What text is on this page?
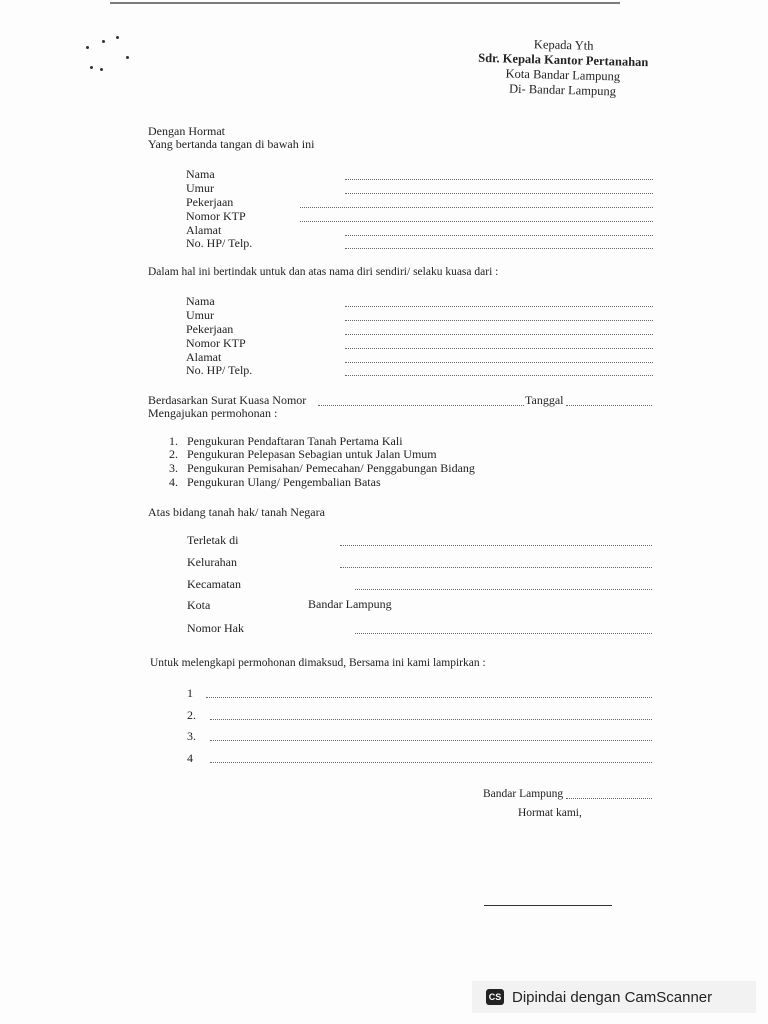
Kepada Yth
Sdr. Kepala Kantor Pertanahan
Kota Bandar Lampung
Di- Bandar Lampung
Dengan Hormat
Yang bertanda tangan di bawah ini
Nama
Umur
Pekerjaan
Nomor KTP
Alamat
No. HP/ Telp.
Dalam hal ini bertindak untuk dan atas nama diri sendiri/ selaku kuasa dari :
Nama
Umur
Pekerjaan
Nomor KTP
Alamat
No. HP/ Telp.
Berdasarkan Surat Kuasa Nomor	Tanggal
Mengajukan permohonan :
1. Pengukuran Pendaftaran Tanah Pertama Kali
2. Pengukuran Pelepasan Sebagian untuk Jalan Umum
3. Pengukuran Pemisahan/ Pemecahan/ Penggabungan Bidang
4. Pengukuran Ulang/ Pengembalian Batas
Atas bidang tanah hak/ tanah Negara
Terletak di
Kelurahan
Kecamatan
Kota	Bandar Lampung
Nomor Hak
Untuk melengkapi permohonan dimaksud, Bersama ini kami lampirkan :
1
2.
3.
4
Bandar Lampung
Hormat kami,
CS Dipindai dengan CamScanner
